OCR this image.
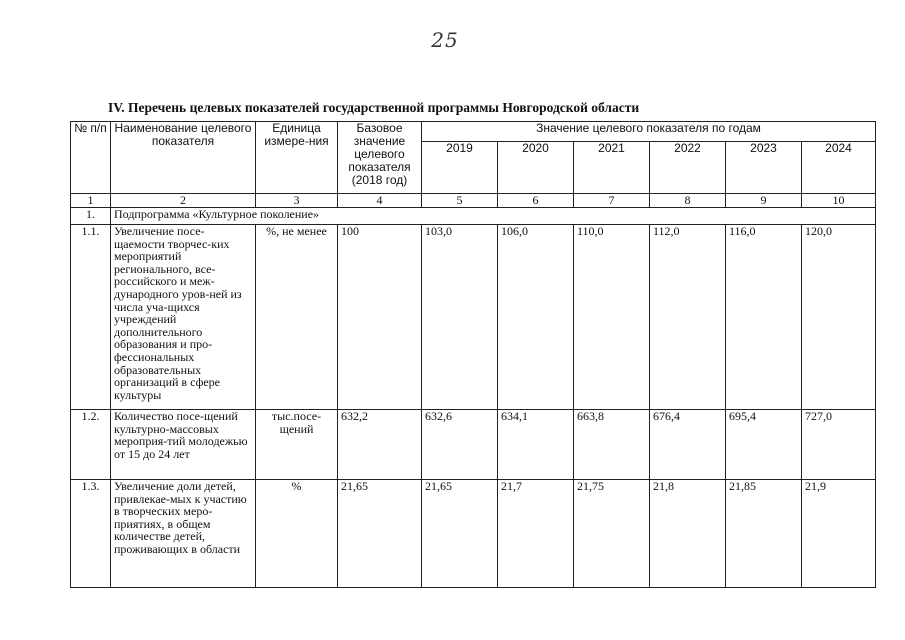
25
IV. Перечень целевых показателей государственной программы Новгородской области
№ п/п	Наименование целевого показателя	Единица измере-ния	Базовое значение целевого показателя (2018 год)	Значение целевого показателя по годам					
				2019	2020	2021	2022	2023	2024
1	2	3	4	5	6	7	8	9	10
1.	Подпрограмма «Культурное поколение»								
1.1.	Увеличение посе-щаемости творчес-ких мероприятий регионального, все-российского и меж-дународного уров-ней из числа уча-щихся учреждений дополнительного образования и про-фессиональных образовательных организаций в сфере культуры	%, не менее	100	103,0	106,0	110,0	112,0	116,0	120,0
1.2.	Количество посе-щений культурно-массовых мероприя-тий молодежью от 15 до 24 лет	тыс.посе-щений	632,2	632,6	634,1	663,8	676,4	695,4	727,0
1.3.	Увеличение доли детей, привлекае-мых к участию в творческих меро-приятиях, в общем количестве детей, проживающих в области	%	21,65	21,65	21,7	21,75	21,8	21,85	21,9
